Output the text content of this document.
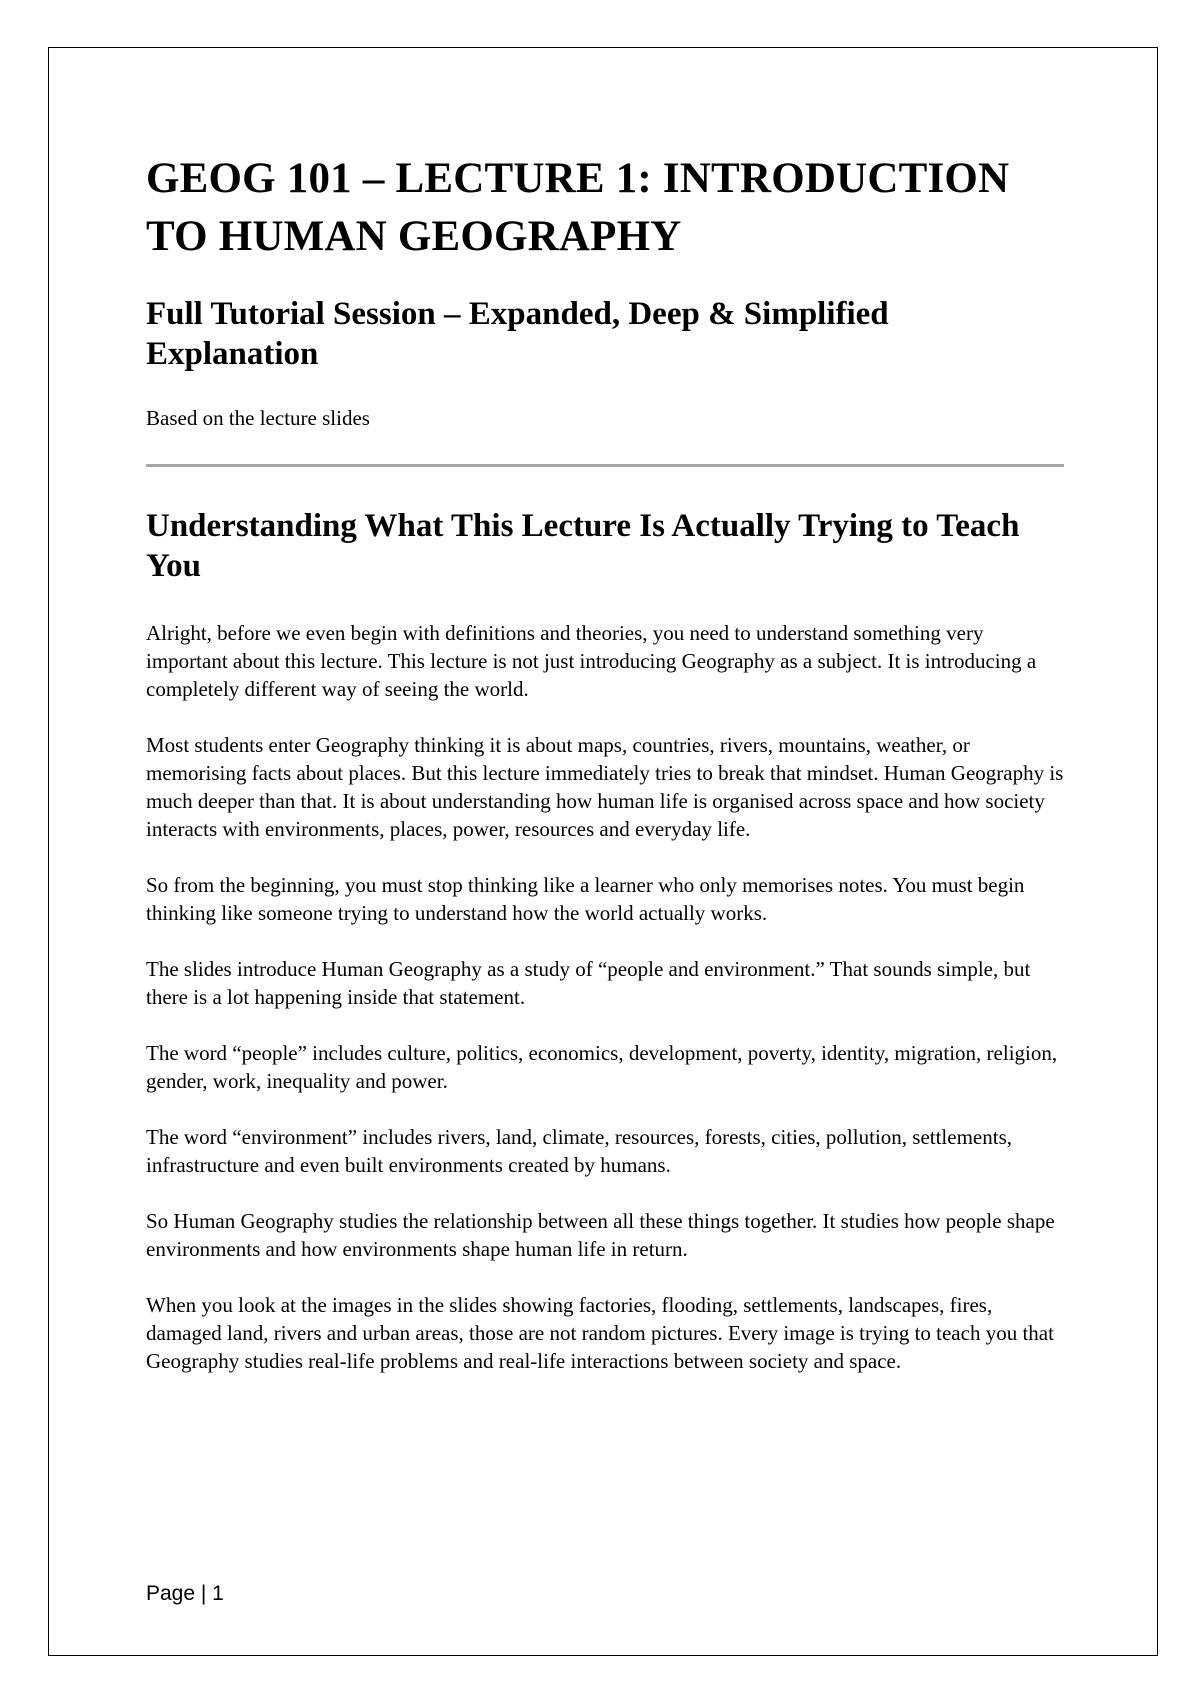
GEOG 101 – LECTURE 1: INTRODUCTION TO HUMAN GEOGRAPHY
Full Tutorial Session – Expanded, Deep & Simplified Explanation

Based on the lecture slides

Understanding What This Lecture Is Actually Trying to Teach You

Alright, before we even begin with definitions and theories, you need to understand something very important about this lecture. This lecture is not just introducing Geography as a subject. It is introducing a completely different way of seeing the world.

Most students enter Geography thinking it is about maps, countries, rivers, mountains, weather, or memorising facts about places. But this lecture immediately tries to break that mindset. Human Geography is much deeper than that. It is about understanding how human life is organised across space and how society interacts with environments, places, power, resources and everyday life.

So from the beginning, you must stop thinking like a learner who only memorises notes. You must begin thinking like someone trying to understand how the world actually works.

The slides introduce Human Geography as a study of “people and environment.” That sounds simple, but there is a lot happening inside that statement.

The word “people” includes culture, politics, economics, development, poverty, identity, migration, religion, gender, work, inequality and power.

The word “environment” includes rivers, land, climate, resources, forests, cities, pollution, settlements, infrastructure and even built environments created by humans.

So Human Geography studies the relationship between all these things together. It studies how people shape environments and how environments shape human life in return.

When you look at the images in the slides showing factories, flooding, settlements, landscapes, fires, damaged land, rivers and urban areas, those are not random pictures. Every image is trying to teach you that Geography studies real-life problems and real-life interactions between society and space.

Page | 1
